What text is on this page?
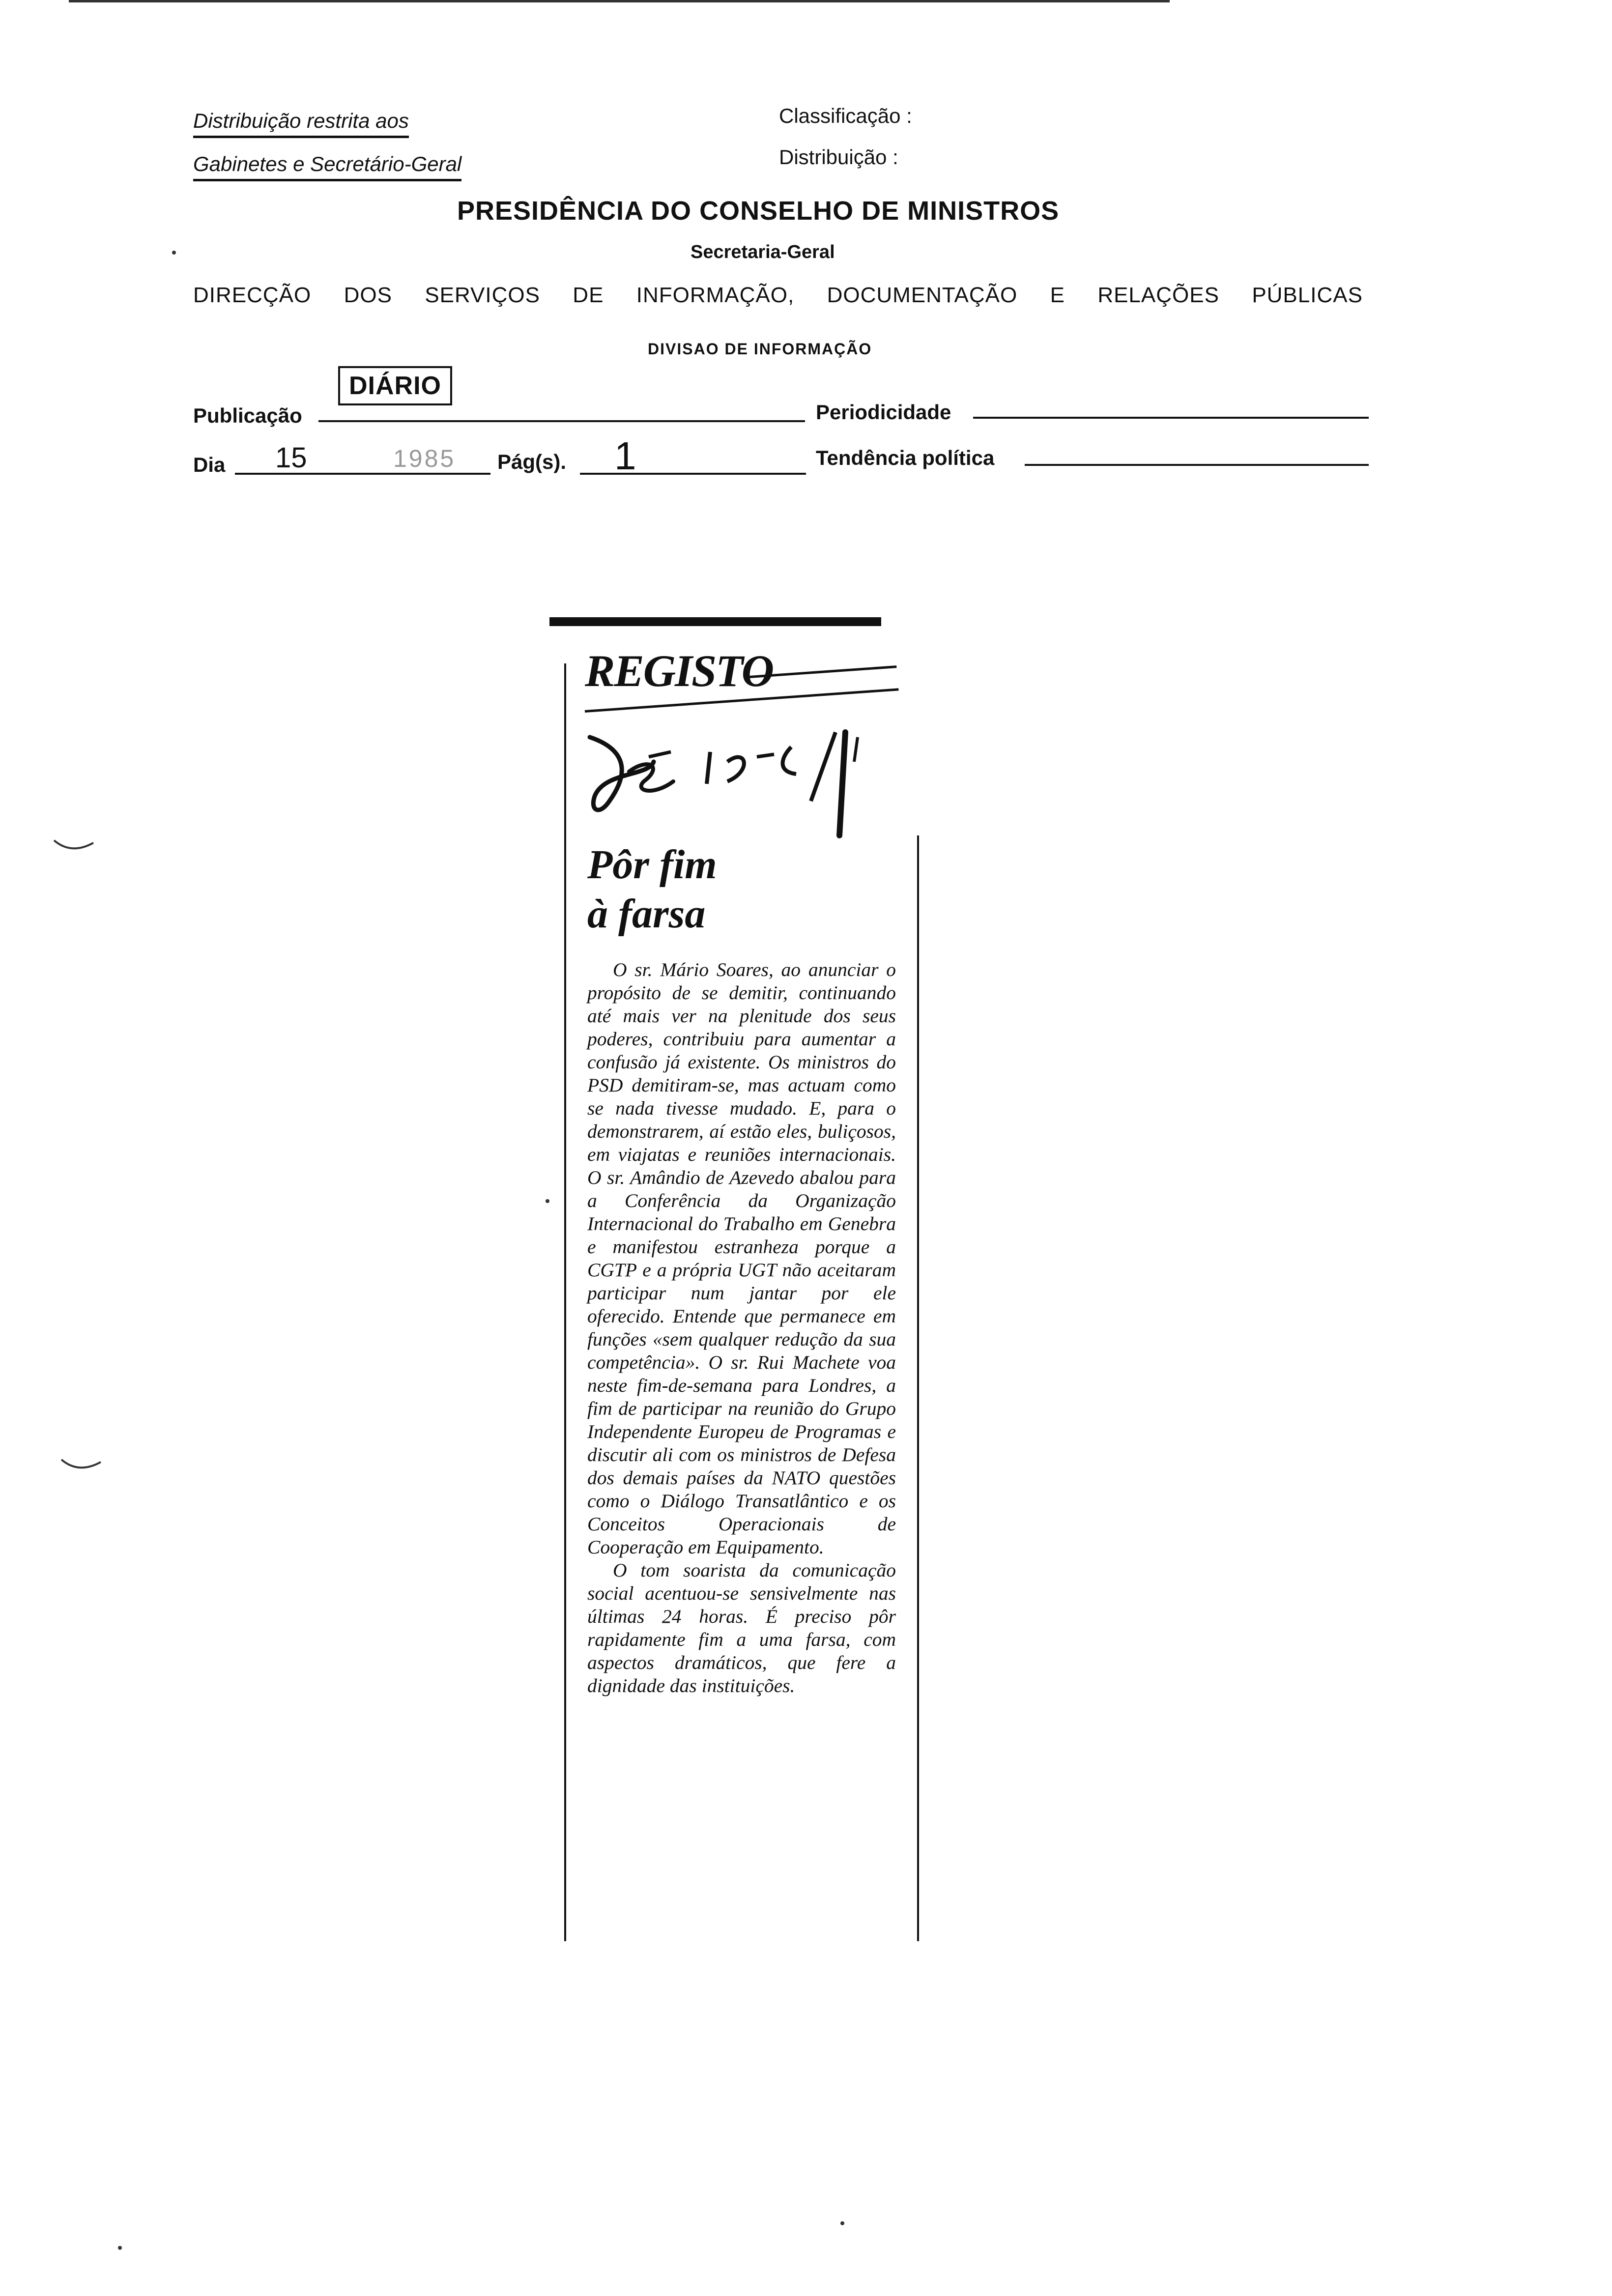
Distribuição restrita aos
Gabinetes e Secretário-Geral
Classificação :
Distribuição :
PRESIDÊNCIA DO CONSELHO DE MINISTROS
Secretaria-Geral
DIRECÇÃO DOS SERVIÇOS DE INFORMAÇÃO, DOCUMENTAÇÃO E RELAÇÕES PÚBLICAS
DIVISAO DE INFORMAÇÃO
Publicação
DIÁRIO
Periodicidade
Dia 15	1985 Pág(s). 1	Tendência política
REGISTO
Pôr fim
à farsa

O sr. Mário Soares, ao anunciar o propósito de se demitir, continuando até mais ver na plenitude dos seus poderes, contribuiu para aumentar a confusão já existente. Os ministros do PSD demitiram-se, mas actuam como se nada tivesse mudado. E, para o demonstrarem, aí estão eles, buliçosos, em viajatas e reuniões internacionais. O sr. Amândio de Azevedo abalou para a Conferência da Organização Internacional do Trabalho em Genebra e manifestou estranheza porque a CGTP e a própria UGT não aceitaram participar num jantar por ele oferecido. Entende que permanece em funções «sem qualquer redução da sua competência». O sr. Rui Machete voa neste fim-de-semana para Londres, a fim de participar na reunião do Grupo Independente Europeu de Programas e discutir ali com os ministros de Defesa dos demais países da NATO questões como o Diálogo Transatlântico e os Conceitos Operacionais de Cooperação em Equipamento.

O tom soarista da comunicação social acentuou-se sensivelmente nas últimas 24 horas. É preciso pôr rapidamente fim a uma farsa, com aspectos dramáticos, que fere a dignidade das instituições.
